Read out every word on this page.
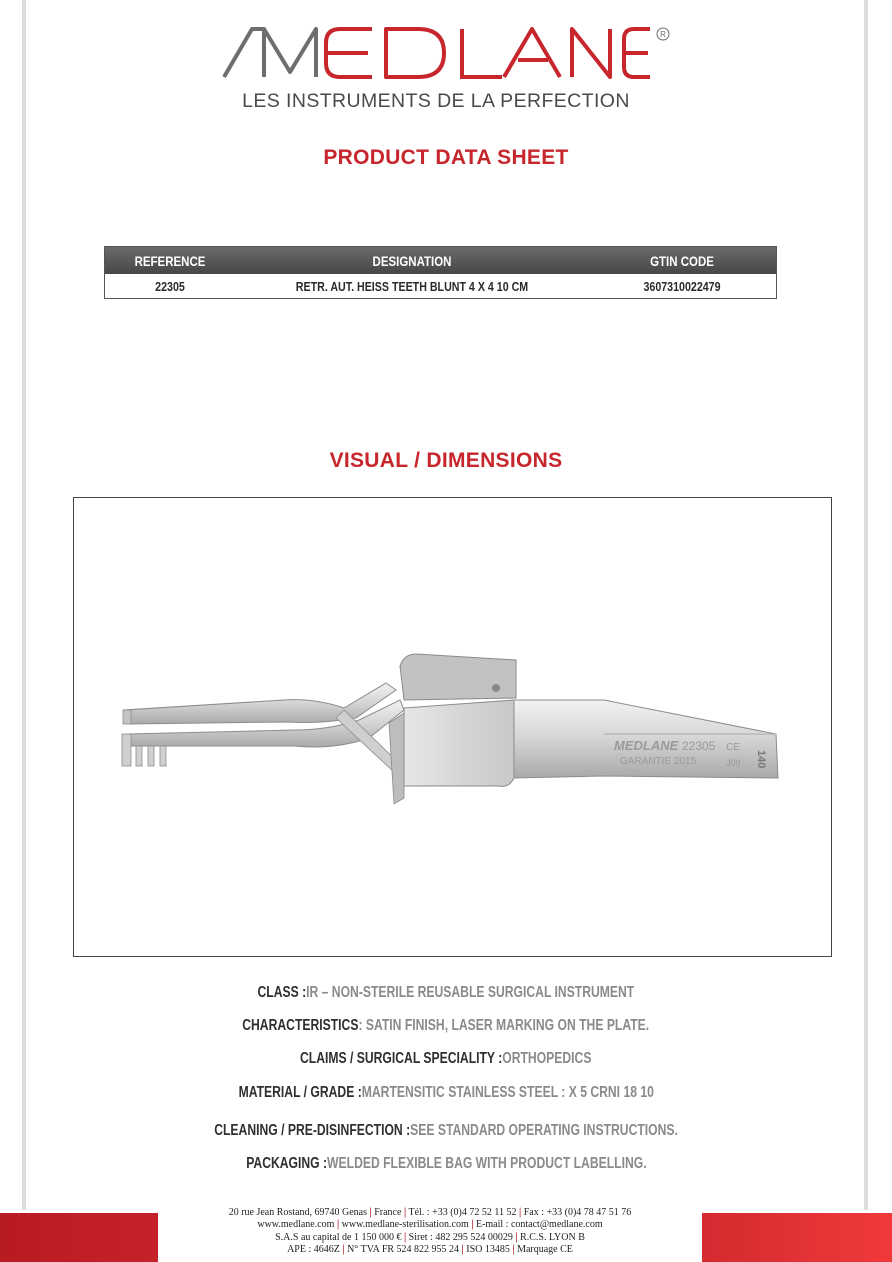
R
LES INSTRUMENTS DE LA PERFECTION
PRODUCT DATA SHEET
REFERENCE	DESIGNATION	GTIN CODE
22305	RETR. AUT. HEISS TEETH BLUNT 4 X 4 10 CM	3607310022479
VISUAL / DIMENSIONS
MEDLANE 22305 CE
GARANTIE 2015	J09 140
CLASS :IR – NON-STERILE REUSABLE SURGICAL INSTRUMENT
CHARACTERISTICS: SATIN FINISH, LASER MARKING ON THE PLATE.
CLAIMS / SURGICAL SPECIALITY :ORTHOPEDICS
MATERIAL / GRADE :MARTENSITIC STAINLESS STEEL : X 5 CRNI 18 10
CLEANING / PRE-DISINFECTION :SEE STANDARD OPERATING INSTRUCTIONS.
PACKAGING :WELDED FLEXIBLE BAG WITH PRODUCT LABELLING.
20 rue Jean Rostand, 69740 Genas | France | Tél. : +33 (0)4 72 52 11 52 | Fax : +33 (0)4 78 47 51 76
www.medlane.com | www.medlane-sterilisation.com | E-mail : contact@medlane.com
S.A.S au capital de 1 150 000 € | Siret : 482 295 524 00029 | R.C.S. LYON B
APE : 4646Z | N° TVA FR 524 822 955 24 | ISO 13485 | Marquage CE
